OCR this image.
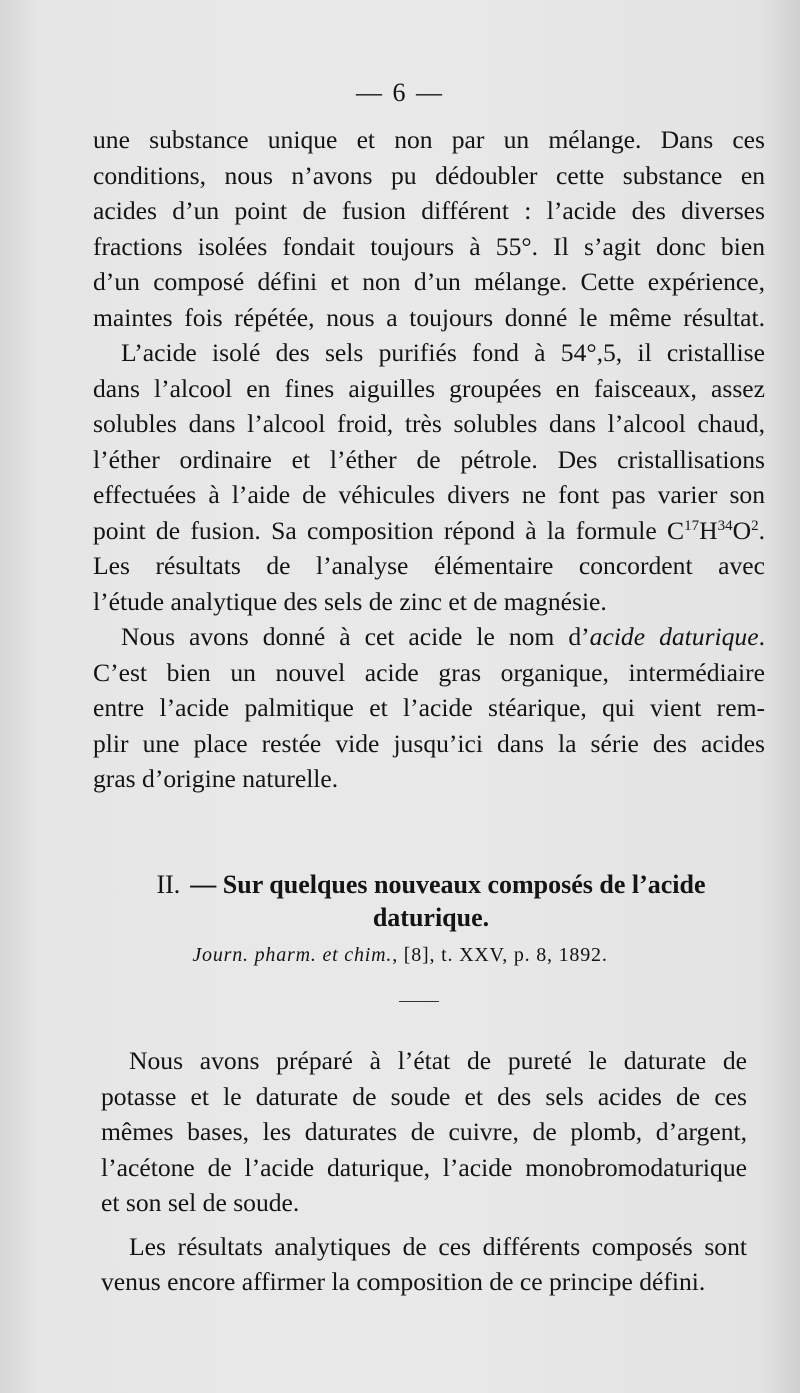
— 6 —
une substance unique et non par un mélange. Dans ces
conditions, nous n’avons pu dédoubler cette substance en
acides d’un point de fusion différent : l’acide des diverses
fractions isolées fondait toujours à 55°. Il s’agit donc bien
d’un composé défini et non d’un mélange. Cette expérience,
maintes fois répétée, nous a toujours donné le même résultat.
L’acide isolé des sels purifiés fond à 54°,5, il cristallise
dans l’alcool en fines aiguilles groupées en faisceaux, assez
solubles dans l’alcool froid, très solubles dans l’alcool chaud,
l’éther ordinaire et l’éther de pétrole. Des cristallisations
effectuées à l’aide de véhicules divers ne font pas varier son
point de fusion. Sa composition répond à la formule $C^{17}H^{34}O^2$.
Les résultats de l’analyse élémentaire concordent avec
l’étude analytique des sels de zinc et de magnésie.
Nous avons donné à cet acide le nom d’acide daturique.
C’est bien un nouvel acide gras organique, intermédiaire
entre l’acide palmitique et l’acide stéarique, qui vient rem-
plir une place restée vide jusqu’ici dans la série des acides
gras d’origine naturelle.
II. — Sur quelques nouveaux composés de l’acide
daturique.
Journ. pharm. et chim., [8], t. XXV, p. 8, 1892.
Nous avons préparé à l’état de pureté le daturate de
potasse et le daturate de soude et des sels acides de ces
mêmes bases, les daturates de cuivre, de plomb, d’argent,
l’acétone de l’acide daturique, l’acide monobromodaturique
et son sel de soude.
Les résultats analytiques de ces différents composés sont
venus encore affirmer la composition de ce principe défini.
